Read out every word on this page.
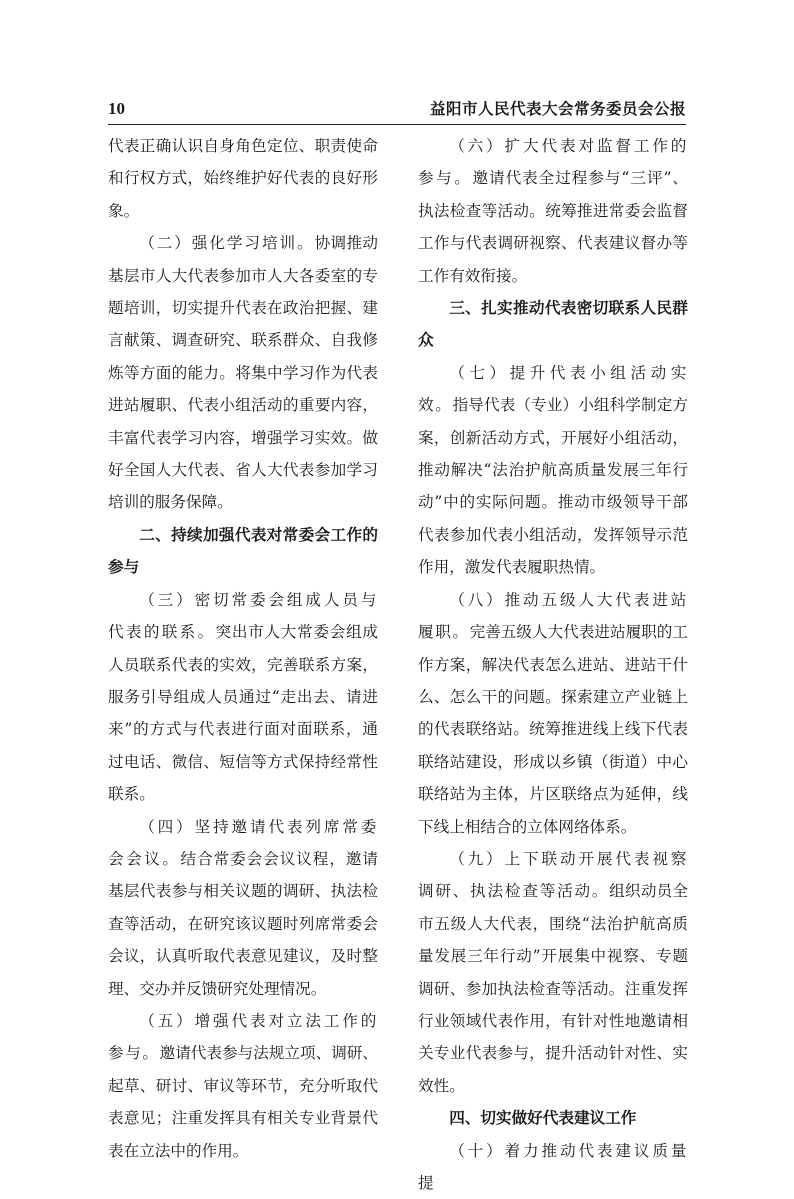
10	益阳市人民代表大会常务委员会公报

代表正确认识自身角色定位、职责使命和行权方式，始终维护好代表的良好形象。

（二）强化学习培训。协调推动基层市人大代表参加市人大各委室的专题培训，切实提升代表在政治把握、建言献策、调查研究、联系群众、自我修炼等方面的能力。将集中学习作为代表进站履职、代表小组活动的重要内容，丰富代表学习内容，增强学习实效。做好全国人大代表、省人大代表参加学习培训的服务保障。

二、持续加强代表对常委会工作的参与

（三）密切常委会组成人员与代表的联系。突出市人大常委会组成人员联系代表的实效，完善联系方案，服务引导组成人员通过“走出去、请进来”的方式与代表进行面对面联系，通过电话、微信、短信等方式保持经常性联系。

（四）坚持邀请代表列席常委会会议。结合常委会会议议程，邀请基层代表参与相关议题的调研、执法检查等活动，在研究该议题时列席常委会会议，认真听取代表意见建议，及时整理、交办并反馈研究处理情况。

（五）增强代表对立法工作的参与。邀请代表参与法规立项、调研、起草、研讨、审议等环节，充分听取代表意见；注重发挥具有相关专业背景代表在立法中的作用。

（六）扩大代表对监督工作的参与。邀请代表全过程参与“三评”、执法检查等活动。统筹推进常委会监督工作与代表调研视察、代表建议督办等工作有效衔接。

三、扎实推动代表密切联系人民群众

（七）提升代表小组活动实效。指导代表（专业）小组科学制定方案，创新活动方式，开展好小组活动，推动解决“法治护航高质量发展三年行动”中的实际问题。推动市级领导干部代表参加代表小组活动，发挥领导示范作用，激发代表履职热情。

（八）推动五级人大代表进站履职。完善五级人大代表进站履职的工作方案，解决代表怎么进站、进站干什么、怎么干的问题。探索建立产业链上的代表联络站。统筹推进线上线下代表联络站建设，形成以乡镇（街道）中心联络站为主体，片区联络点为延伸，线下线上相结合的立体网络体系。

（九）上下联动开展代表视察调研、执法检查等活动。组织动员全市五级人大代表，围绕“法治护航高质量发展三年行动”开展集中视察、专题调研、参加执法检查等活动。注重发挥行业领域代表作用，有针对性地邀请相关专业代表参与，提升活动针对性、实效性。

四、切实做好代表建议工作

（十）着力推动代表建议质量提
